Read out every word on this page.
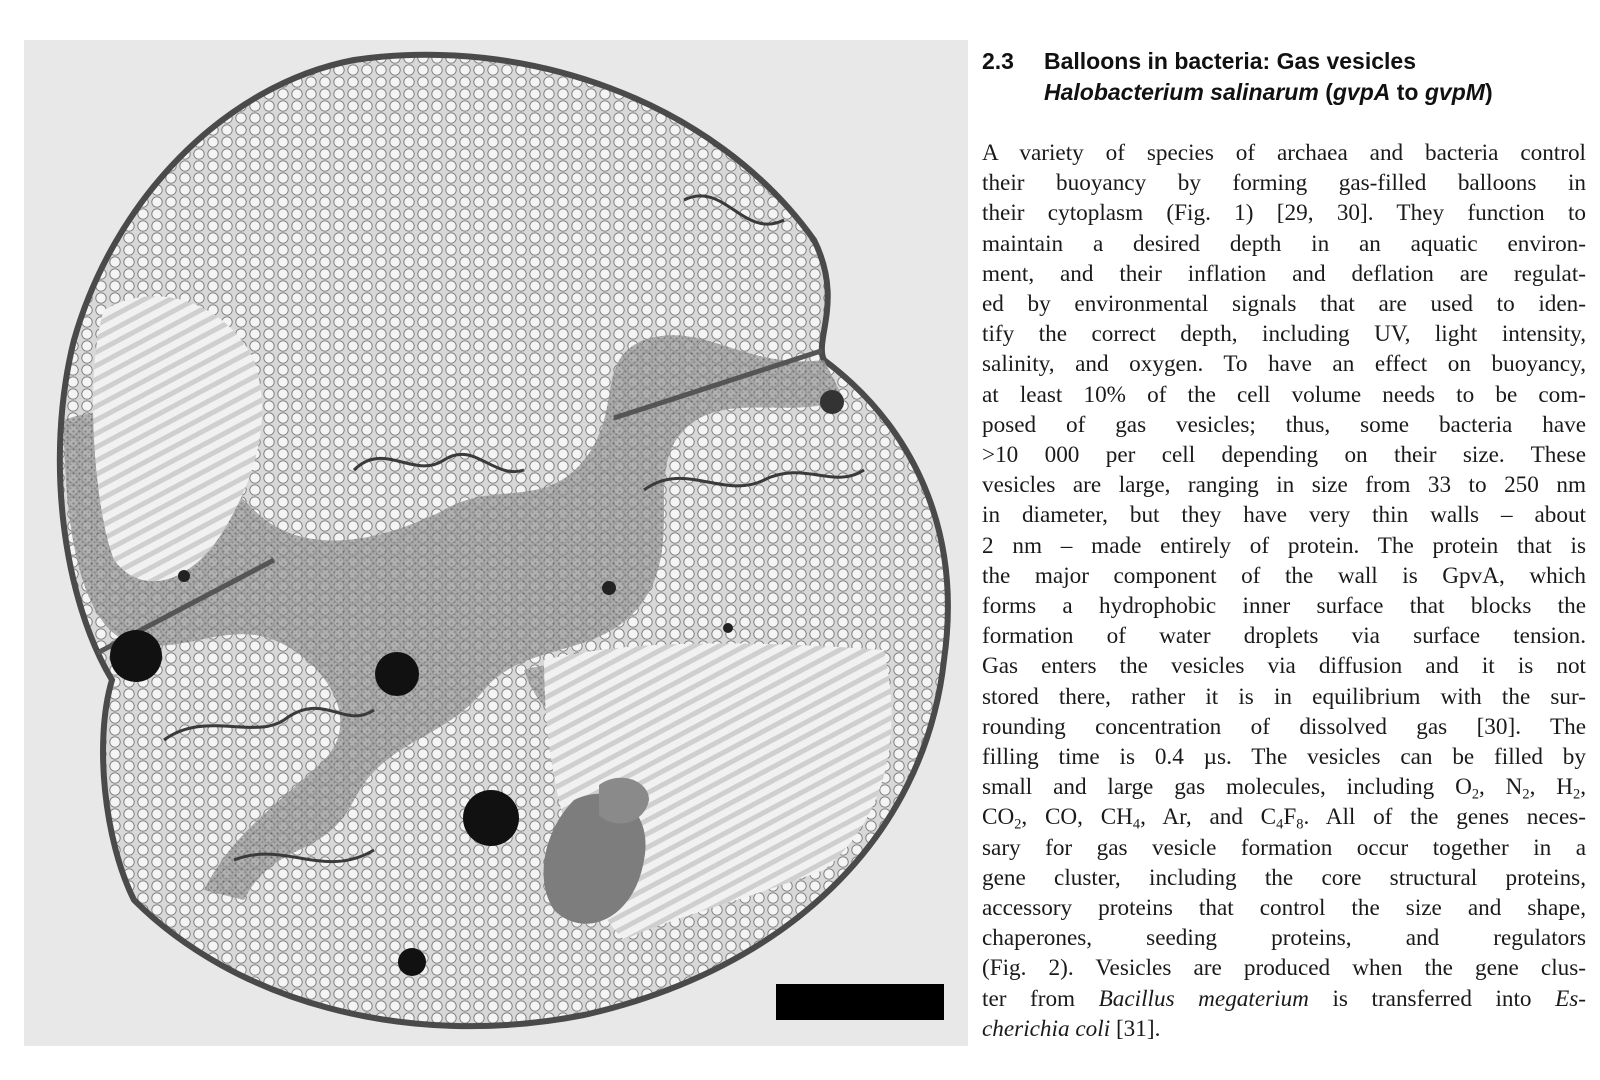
2.3 Balloons in bacteria: Gas vesicles
Halobacterium salinarum (gvpA to gvpM)
A variety of species of archaea and bacteria control
their buoyancy by forming gas-filled balloons in
their cytoplasm (Fig. 1) [29, 30]. They function to
maintain a desired depth in an aquatic environ-
ment, and their inflation and deflation are regulat-
ed by environmental signals that are used to iden-
tify the correct depth, including UV, light intensity,
salinity, and oxygen. To have an effect on buoyancy,
at least 10% of the cell volume needs to be com-
posed of gas vesicles; thus, some bacteria have
>10 000 per cell depending on their size. These
vesicles are large, ranging in size from 33 to 250 nm
in diameter, but they have very thin walls – about
2 nm – made entirely of protein. The protein that is
the major component of the wall is GpvA, which
forms a hydrophobic inner surface that blocks the
formation of water droplets via surface tension.
Gas enters the vesicles via diffusion and it is not
stored there, rather it is in equilibrium with the sur-
rounding concentration of dissolved gas [30]. The
filling time is 0.4 µs. The vesicles can be filled by
small and large gas molecules, including $O_2$, $N_2$, $H_2$,
$CO_2$, CO, $CH_4$, Ar, and $C_4F_8$. All of the genes neces-
sary for gas vesicle formation occur together in a
gene cluster, including the core structural proteins,
accessory proteins that control the size and shape,
chaperones, seeding proteins, and regulators
(Fig. 2). Vesicles are produced when the gene clus-
ter from Bacillus megaterium is transferred into Es-
cherichia coli [31].
